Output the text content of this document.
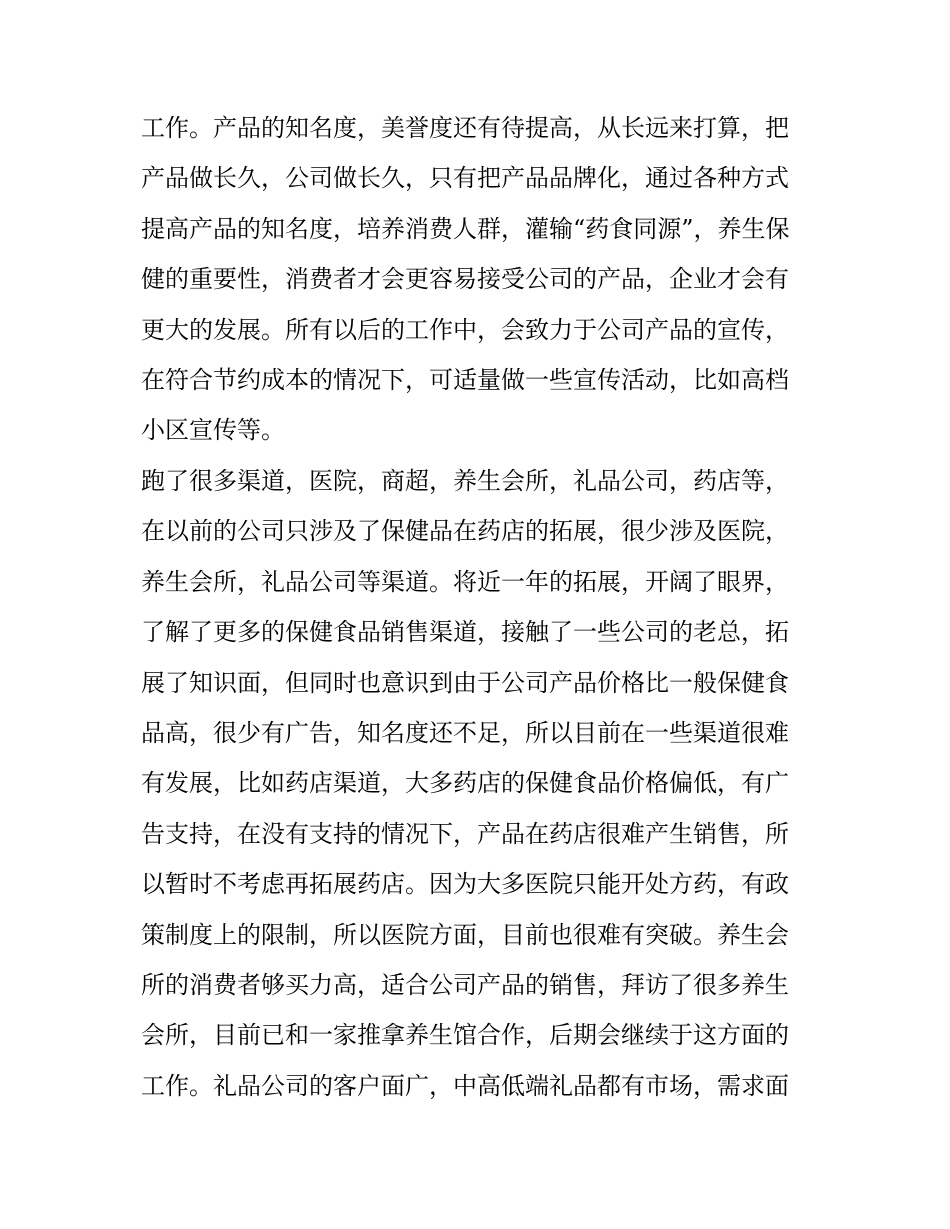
工作。产品的知名度，美誉度还有待提高，从长远来打算，把
产品做长久，公司做长久，只有把产品品牌化，通过各种方式
提高产品的知名度，培养消费人群，灌输“药食同源”，养生保
健的重要性，消费者才会更容易接受公司的产品，企业才会有
更大的发展。所有以后的工作中，会致力于公司产品的宣传，
在符合节约成本的情况下，可适量做一些宣传活动，比如高档
小区宣传等。
跑了很多渠道，医院，商超，养生会所，礼品公司，药店等，
在以前的公司只涉及了保健品在药店的拓展，很少涉及医院，
养生会所，礼品公司等渠道。将近一年的拓展，开阔了眼界，
了解了更多的保健食品销售渠道，接触了一些公司的老总，拓
展了知识面，但同时也意识到由于公司产品价格比一般保健食
品高，很少有广告，知名度还不足，所以目前在一些渠道很难
有发展，比如药店渠道，大多药店的保健食品价格偏低，有广
告支持，在没有支持的情况下，产品在药店很难产生销售，所
以暂时不考虑再拓展药店。因为大多医院只能开处方药，有政
策制度上的限制，所以医院方面，目前也很难有突破。养生会
所的消费者够买力高，适合公司产品的销售，拜访了很多养生
会所，目前已和一家推拿养生馆合作，后期会继续于这方面的
工作。礼品公司的客户面广，中高低端礼品都有市场，需求面
